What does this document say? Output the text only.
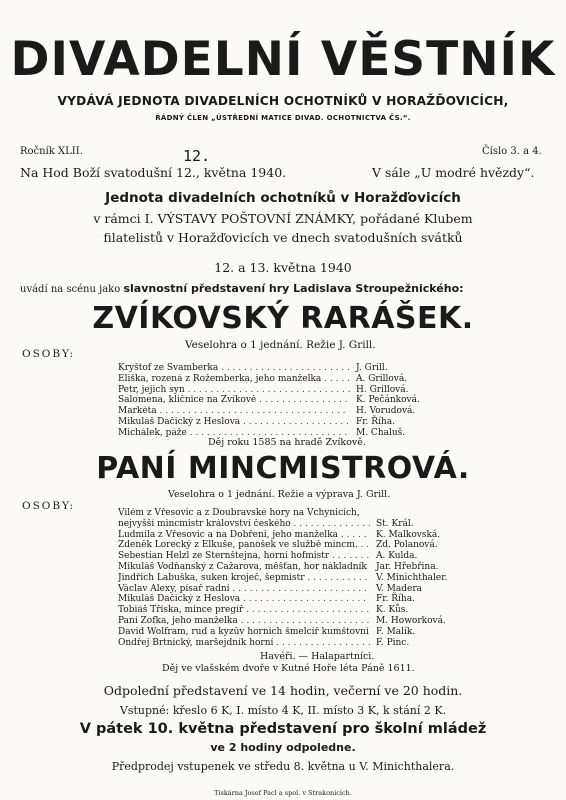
DIVADELNÍ VĚSTNÍK
VYDÁVÁ JEDNOTA DIVADELNÍCH OCHOTNÍKŮ V HORAŽĎOVICÍCH,
ŘÁDNÝ ČLEN „ÚSTŘEDNÍ MATICE DIVAD. OCHOTNICTVA ČS.“.
Ročník XLII.	12.	Číslo 3. a 4.
Na Hod Boží svatodušní 12., května 1940.	V sále „U modré hvězdy“.
Jednota divadelních ochotníků v Horažďovicích
v rámci I. VÝSTAVY POŠTOVNÍ ZNÁMKY, pořádané Klubem
filatelistů v Horažďovicích ve dnech svatodušních svátků
12. a 13. května 1940
uvádí na scénu jako slavnostní představení hry Ladislava Stroupežnického:
ZVÍKOVSKÝ RARÁŠEK.
Veselohra o 1 jednání. Režie J. Grill.
OSOBY:
Kryštof ze Švamberka . . .	J. Grill.
Eliška, rozená z Rožemberka, jeho manželka . . .	A. Grillová.
Petr, jejich syn . . .	H. Grillová.
Salomena, klíčnice na Zvíkově . . .	K. Pečánková.
Markéta . . .	H. Vorudová.
Mikuláš Dačický z Heslova . . .	Fr. Říha.
Michálek, páže . . .	M. Chaluš.
Děj roku 1585 na hradě Zvíkově.
PANÍ MINCMISTROVÁ.
Veselohra o 1 jednání. Režie a výprava J. Grill.
OSOBY:
Vilém z Vřesovic a z Doubravské hory na Vchynicích,
nejvyšší mincmistr království českého . . .	St. Král.
Ludmila z Vřesovic a na Dobřeni, jeho manželka . . .	K. Malkovská.
Zdeněk Lorecký z Elkuše, panošek ve službě mincm. . . .	Zd. Polanová.
Šebestian Helzl ze Sternštejna, horní hofmistr . . .	A. Kulda.
Mikuláš Vodňanský z Čažarova, měšťan, hor nákladník . . .	Jar. Hřebřina.
Jindřich Labuška, suken kroječ, šepmistr . . .	V. Minichthaler.
Václav Alexy, písař radní . . .	V. Madera
Mikuláš Dačický z Heslova . . .	Fr. Říha.
Tobiáš Tříska, mince pregíř . . .	K. Kůs.
Paní Žofka, jeho manželka . . .	M. Howorková.
David Wolfram, rud a kyzův horních šmelcíř kumštovní . . . F. Malík.
Ondřej Brtnický, maršejdník horní . . .	F. Pinc.
Havéři. — Halapartníci.
Děj ve vlašském dvoře v Kutné Hoře léta Páně 1611.
Odpolední představení ve 14 hodin, večerní ve 20 hodin.
Vstupné: křeslo 6 K, I. místo 4 K, II. místo 3 K, k stání 2 K.
V pátek 10. května představení pro školní mládež
ve 2 hodiny odpoledne.
Předprodej vstupenek ve středu 8. května u V. Minichthalera.
Tiskárna Josef Pacl a spol. v Strakonicích.
